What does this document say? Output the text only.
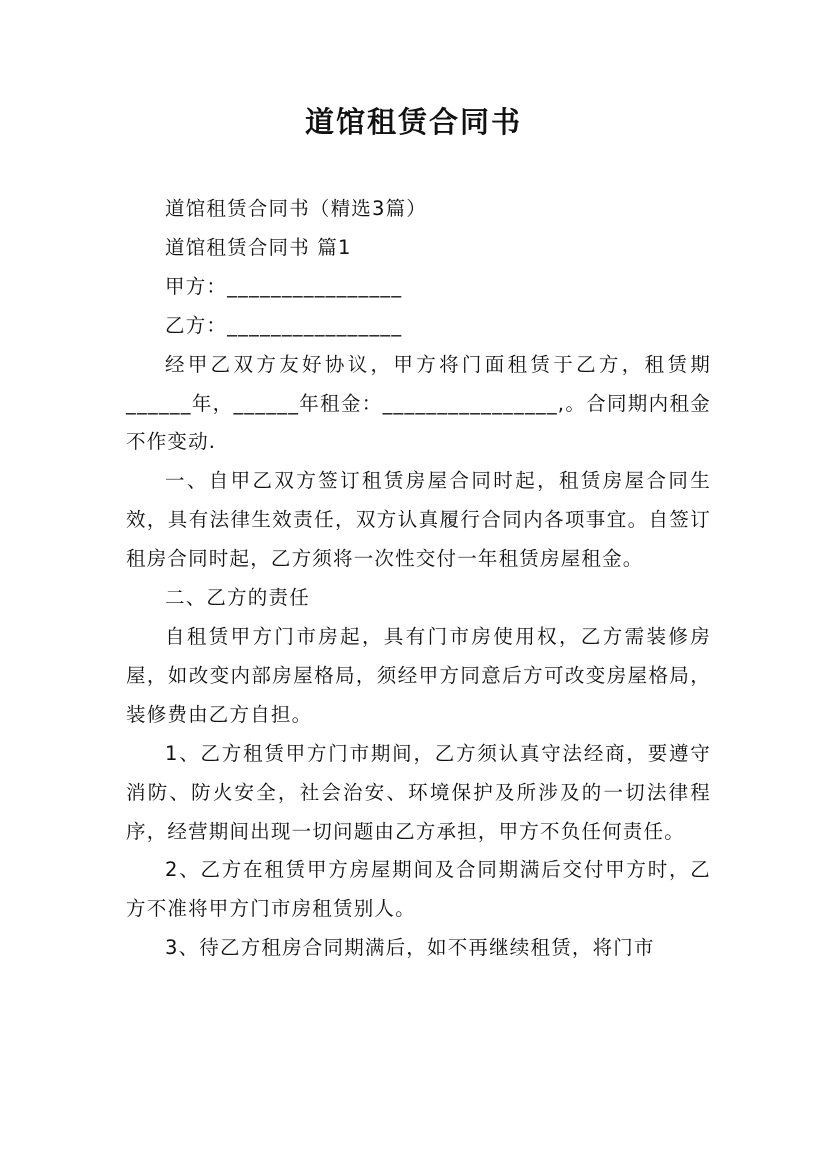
道馆租赁合同书

道馆租赁合同书（精选3篇）

道馆租赁合同书 篇1

甲方：________________

乙方：________________

经甲乙双方友好协议，甲方将门面租赁于乙方，租赁期______年，______年租金：________________,。合同期内租金不作变动.

一、自甲乙双方签订租赁房屋合同时起，租赁房屋合同生效，具有法律生效责任，双方认真履行合同内各项事宜。自签订租房合同时起，乙方须将一次性交付一年租赁房屋租金。

二、乙方的责任

自租赁甲方门市房起，具有门市房使用权，乙方需装修房屋，如改变内部房屋格局，须经甲方同意后方可改变房屋格局，装修费由乙方自担。

1、乙方租赁甲方门市期间，乙方须认真守法经商，要遵守消防、防火安全，社会治安、环境保护及所涉及的一切法律程序，经营期间出现一切问题由乙方承担，甲方不负任何责任。

2、乙方在租赁甲方房屋期间及合同期满后交付甲方时，乙方不准将甲方门市房租赁别人。

3、待乙方租房合同期满后，如不再继续租赁，将门市
